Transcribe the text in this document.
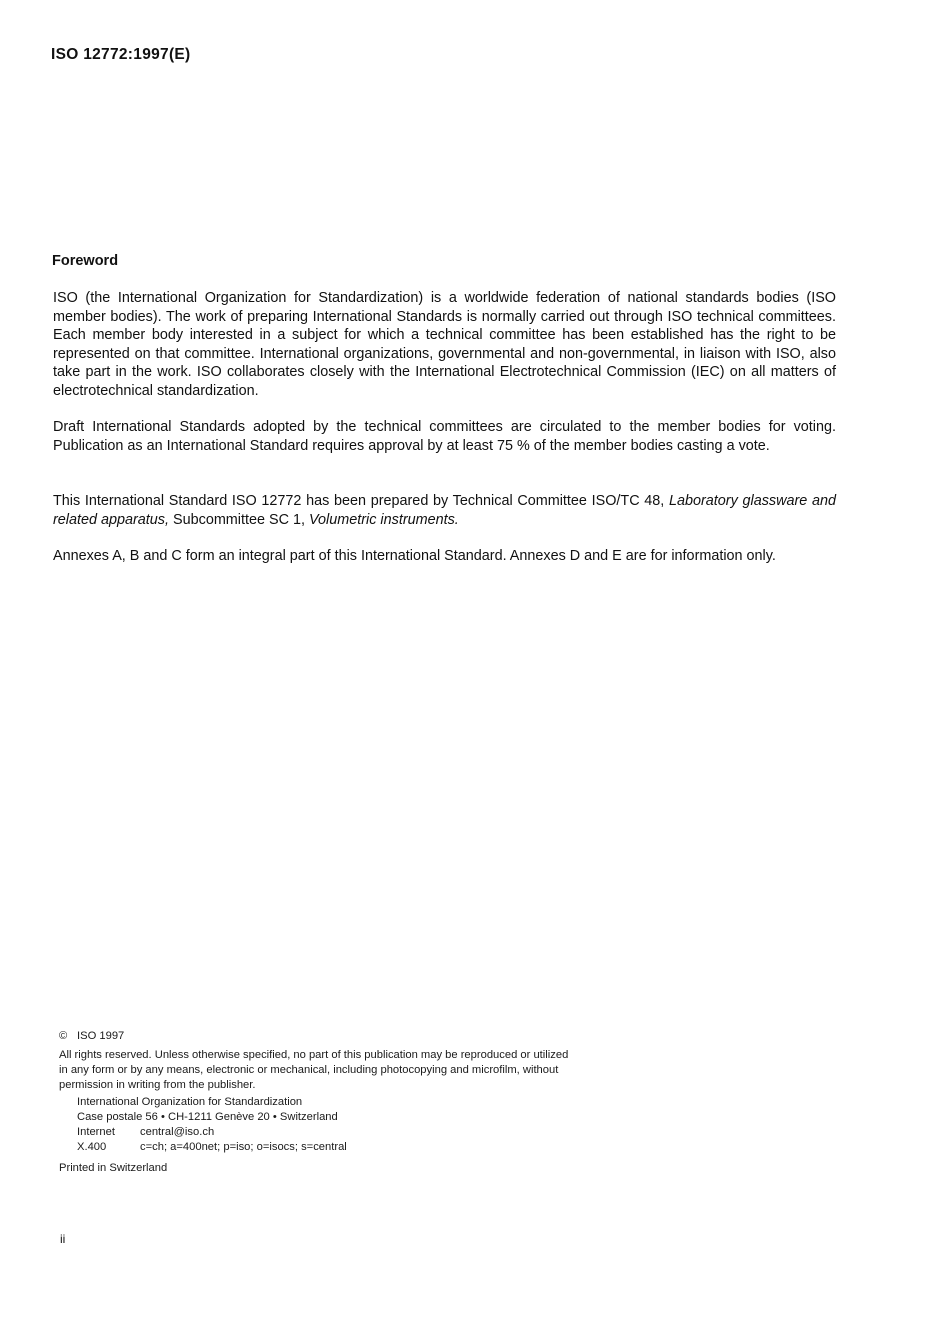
ISO 12772:1997(E)
Foreword

ISO (the International Organization for Standardization) is a worldwide federation of national standards bodies (ISO member bodies). The work of preparing International Standards is normally carried out through ISO technical committees. Each member body interested in a subject for which a technical committee has been established has the right to be represented on that committee. International organizations, governmental and non-governmental, in liaison with ISO, also take part in the work. ISO collaborates closely with the International Electrotechnical Commission (IEC) on all matters of electrotechnical standardization.

Draft International Standards adopted by the technical committees are circulated to the member bodies for voting. Publication as an International Standard requires approval by at least 75 % of the member bodies casting a vote.

This International Standard ISO 12772 has been prepared by Technical Committee ISO/TC 48, Laboratory glassware and related apparatus, Subcommittee SC 1, Volumetric instruments.

Annexes A, B and C form an integral part of this International Standard. Annexes D and E are for information only.

© ISO 1997
All rights reserved. Unless otherwise specified, no part of this publication may be reproduced or utilized in any form or by any means, electronic or mechanical, including photocopying and microfilm, without permission in writing from the publisher.
International Organization for Standardization
Case postale 56 • CH-1211 Genève 20 • Switzerland
Internet central@iso.ch
X.400	c=ch; a=400net; p=iso; o=isocs; s=central
Printed in Switzerland
ii
